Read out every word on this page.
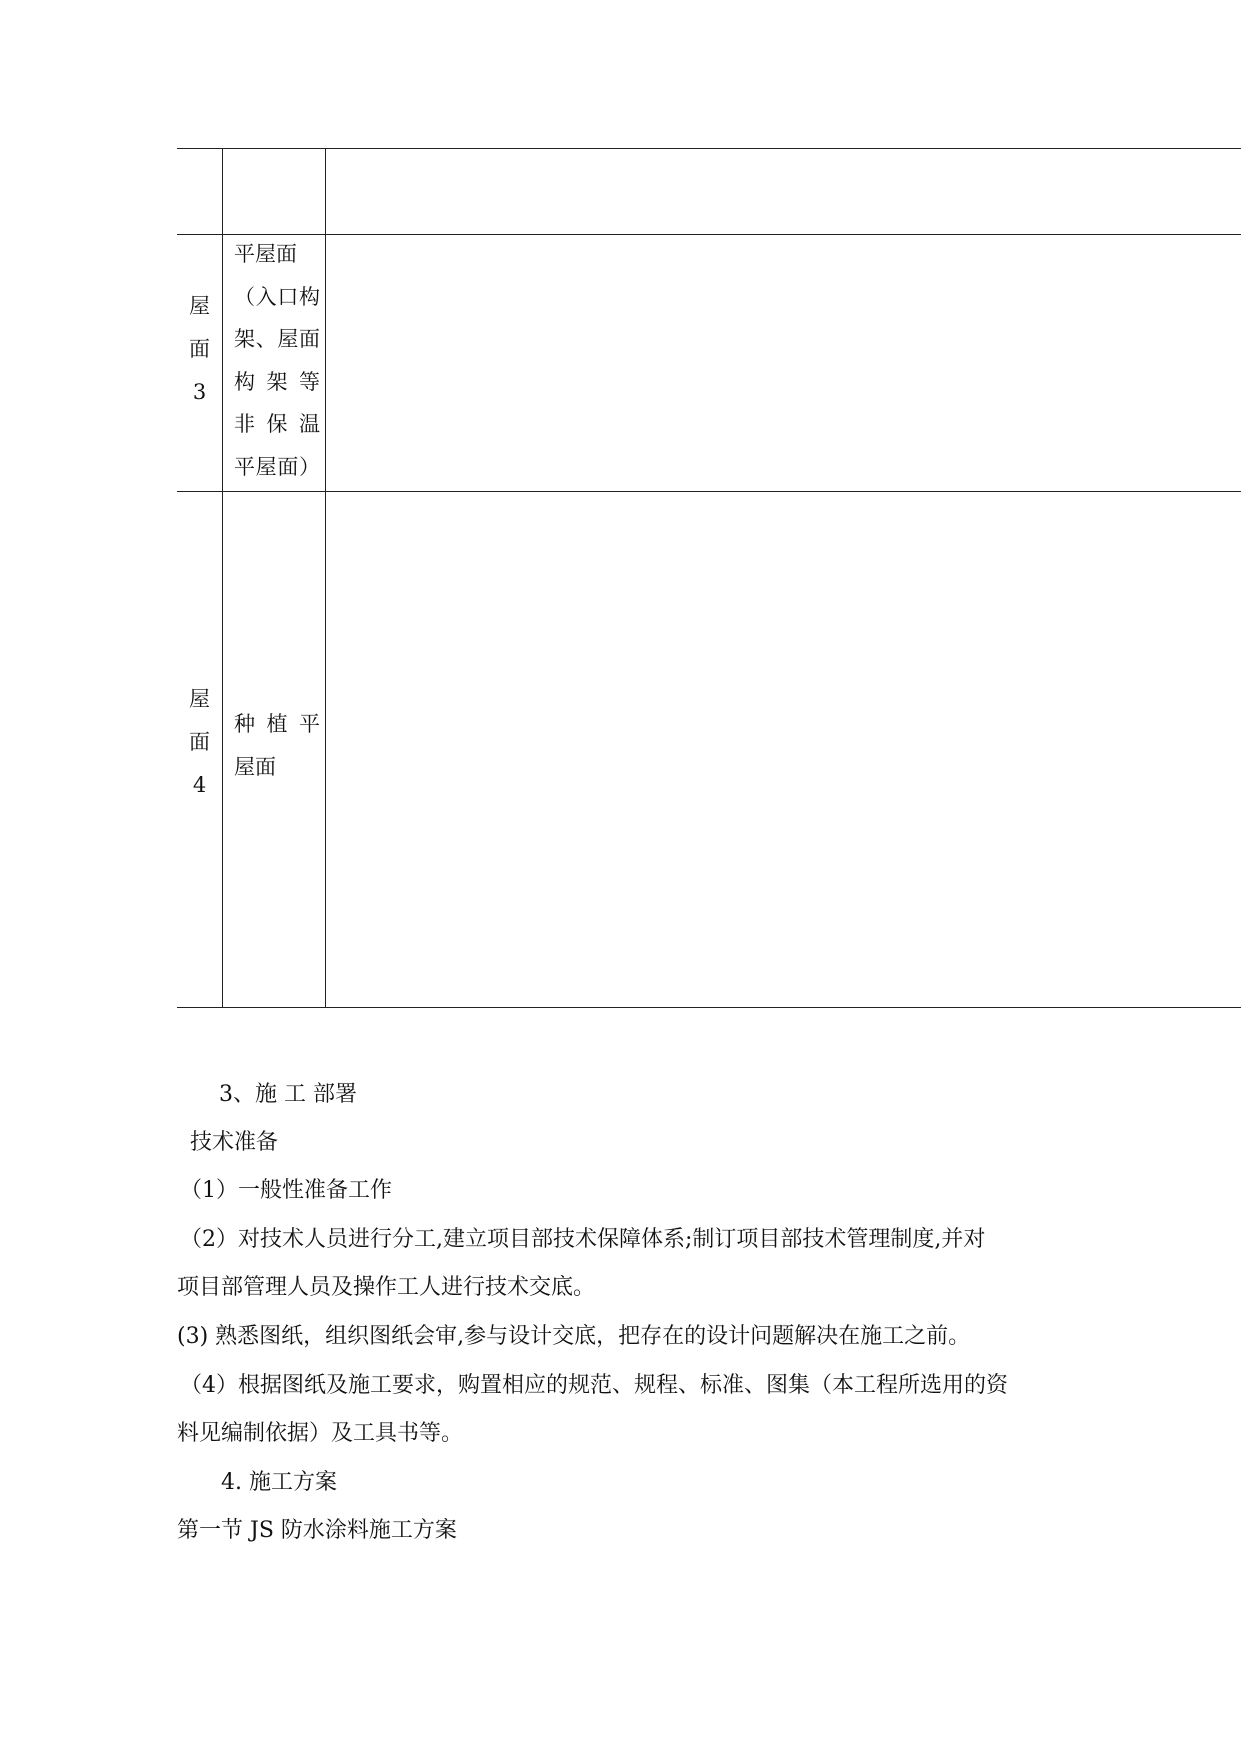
屋
面
3
平屋面
（入口构
架、屋面
构 架 等
非 保 温
平屋面）
屋
面
4
种 植 平
屋面
3、施 工 部署
技术准备
（1）一般性准备工作
（2）对技术人员进行分工,建立项目部技术保障体系;制订项目部技术管理制度,并对
项目部管理人员及操作工人进行技术交底。
(3) 熟悉图纸，组织图纸会审,参与设计交底，把存在的设计问题解决在施工之前。
（4）根据图纸及施工要求，购置相应的规范、规程、标准、图集（本工程所选用的资
料见编制依据）及工具书等。
4. 施工方案
第一节 JS 防水涂料施工方案
